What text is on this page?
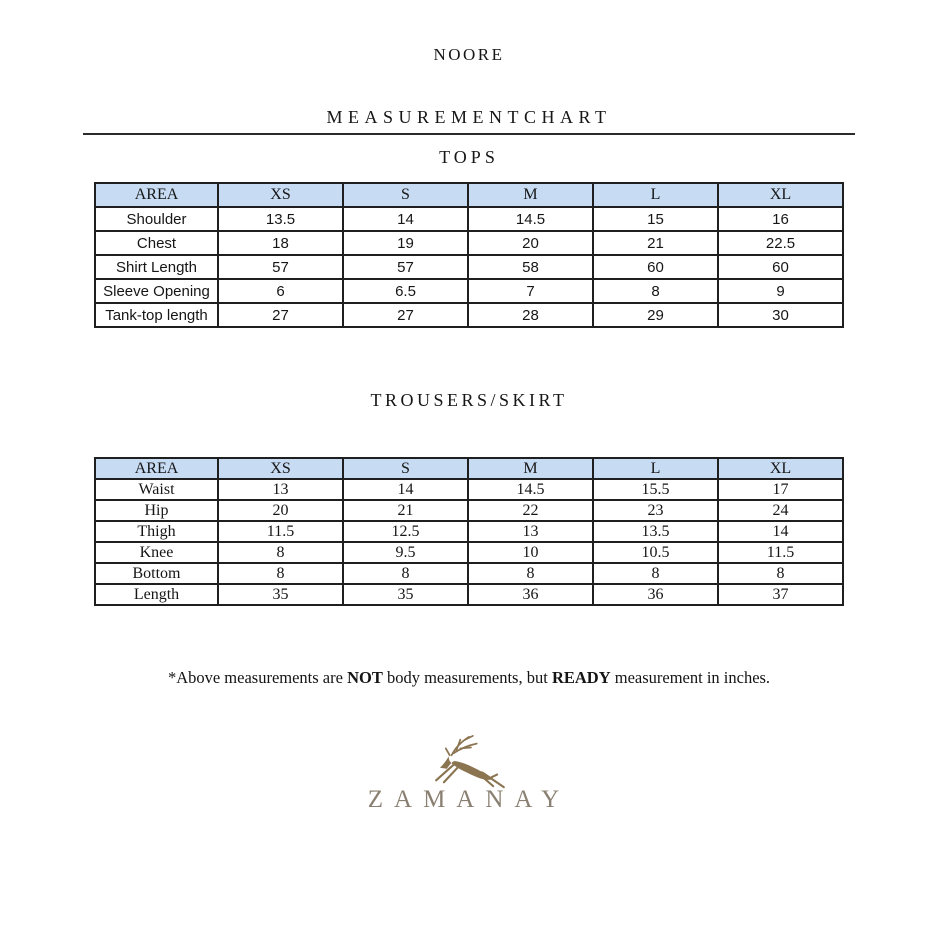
NOORE
MEASUREMENTCHART
TOPS
AREA	XS	S	M	L	XL
Shoulder	13.5	14	14.5	15	16
Chest	18	19	20	21	22.5
Shirt Length	57	57	58	60	60
Sleeve Opening	6	6.5	7	8	9
Tank-top length	27	27	28	29	30
TROUSERS/SKIRT
AREA	XS	S	M	L	XL
Waist	13	14	14.5	15.5	17
Hip	20	21	22	23	24
Thigh	11.5	12.5	13	13.5	14
Knee	8	9.5	10	10.5	11.5
Bottom	8	8	8	8	8
Length	35	35	36	36	37
*Above measurements are NOT body measurements, but READY measurement in inches.
ZAMANAY
